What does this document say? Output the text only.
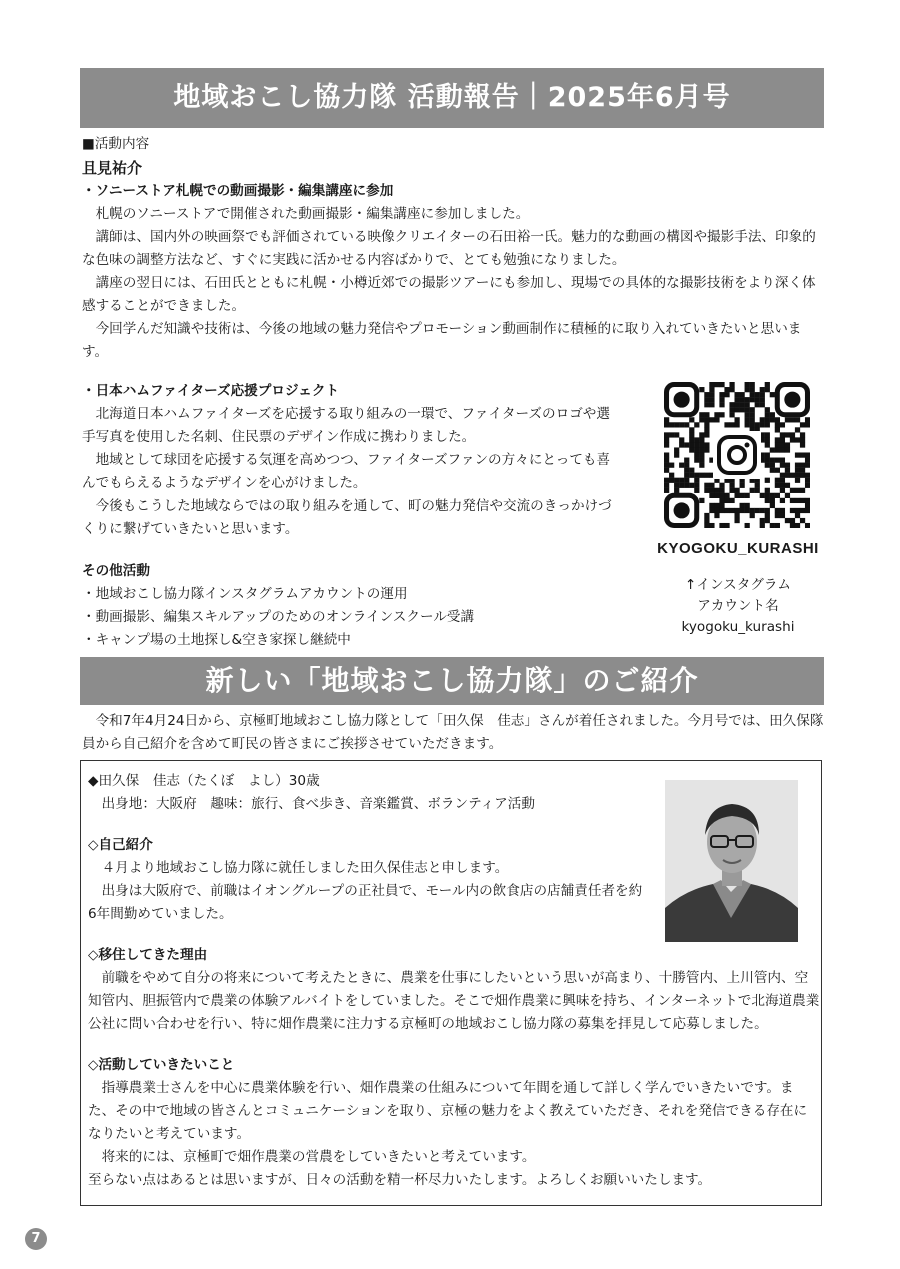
地域おこし協力隊 活動報告｜2025年6月号

■活動内容

且見祐介

・ソニーストア札幌での動画撮影・編集講座に参加

札幌のソニーストアで開催された動画撮影・編集講座に参加しました。

講師は、国内外の映画祭でも評価されている映像クリエイターの石田裕一氏。魅力的な動画の構図や撮影手法、印象的な色味の調整方法など、すぐに実践に活かせる内容ばかりで、とても勉強になりました。

講座の翌日には、石田氏とともに札幌・小樽近郊での撮影ツアーにも参加し、現場での具体的な撮影技術をより深く体感することができました。

今回学んだ知識や技術は、今後の地域の魅力発信やプロモーション動画制作に積極的に取り入れていきたいと思います。

・日本ハムファイターズ応援プロジェクト

北海道日本ハムファイターズを応援する取り組みの一環で、ファイターズのロゴや選手写真を使用した名刺、住民票のデザイン作成に携わりました。

地域として球団を応援する気運を高めつつ、ファイターズファンの方々にとっても喜んでもらえるようなデザインを心がけました。

今後もこうした地域ならではの取り組みを通して、町の魅力発信や交流のきっかけづくりに繋げていきたいと思います。

その他活動

・地域おこし協力隊インスタグラムアカウントの運用

・動画撮影、編集スキルアップのためのオンラインスクール受講

・キャンプ場の土地探し&空き家探し継続中

KYOGOKU_KURASHI
↑インスタグラム
アカウント名
kyogoku_kurashi
新しい「地域おこし協力隊」のご紹介

令和7年4月24日から、京極町地域おこし協力隊として「田久保　佳志」さんが着任されました。今月号では、田久保隊員から自己紹介を含めて町民の皆さまにご挨拶させていただきます。

◆田久保　佳志（たくぼ　よし）30歳

出身地：大阪府　趣味：旅行、食べ歩き、音楽鑑賞、ボランティア活動

◇自己紹介

４月より地域おこし協力隊に就任しました田久保佳志と申します。

出身は大阪府で、前職はイオングループの正社員で、モール内の飲食店の店舗責任者を約6年間勤めていました。

◇移住してきた理由

前職をやめて自分の将来について考えたときに、農業を仕事にしたいという思いが高まり、十勝管内、上川管内、空知管内、胆振管内で農業の体験アルバイトをしていました。そこで畑作農業に興味を持ち、インターネットで北海道農業公社に問い合わせを行い、特に畑作農業に注力する京極町の地域おこし協力隊の募集を拝見して応募しました。

◇活動していきたいこと

指導農業士さんを中心に農業体験を行い、畑作農業の仕組みについて年間を通して詳しく学んでいきたいです。また、その中で地域の皆さんとコミュニケーションを取り、京極の魅力をよく教えていただき、それを発信できる存在になりたいと考えています。

将来的には、京極町で畑作農業の営農をしていきたいと考えています。

至らない点はあるとは思いますが、日々の活動を精一杯尽力いたします。よろしくお願いいたします。

7
